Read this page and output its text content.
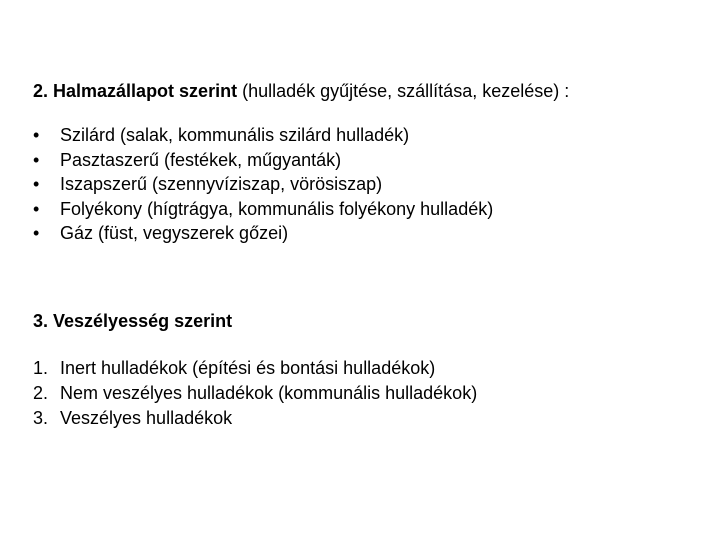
2. Halmazállapot szerint (hulladék gyűjtése, szállítása, kezelése) :
•	Szilárd (salak, kommunális szilárd hulladék)
•	Pasztaszerű (festékek, műgyanták)
•	Iszapszerű (szennyvíziszap, vörösiszap)
•	Folyékony (hígtrágya, kommunális folyékony hulladék)
•	Gáz (füst, vegyszerek gőzei)
3. Veszélyesség szerint
1. Inert hulladékok (építési és bontási hulladékok)
2. Nem veszélyes hulladékok (kommunális hulladékok)
3. Veszélyes hulladékok
